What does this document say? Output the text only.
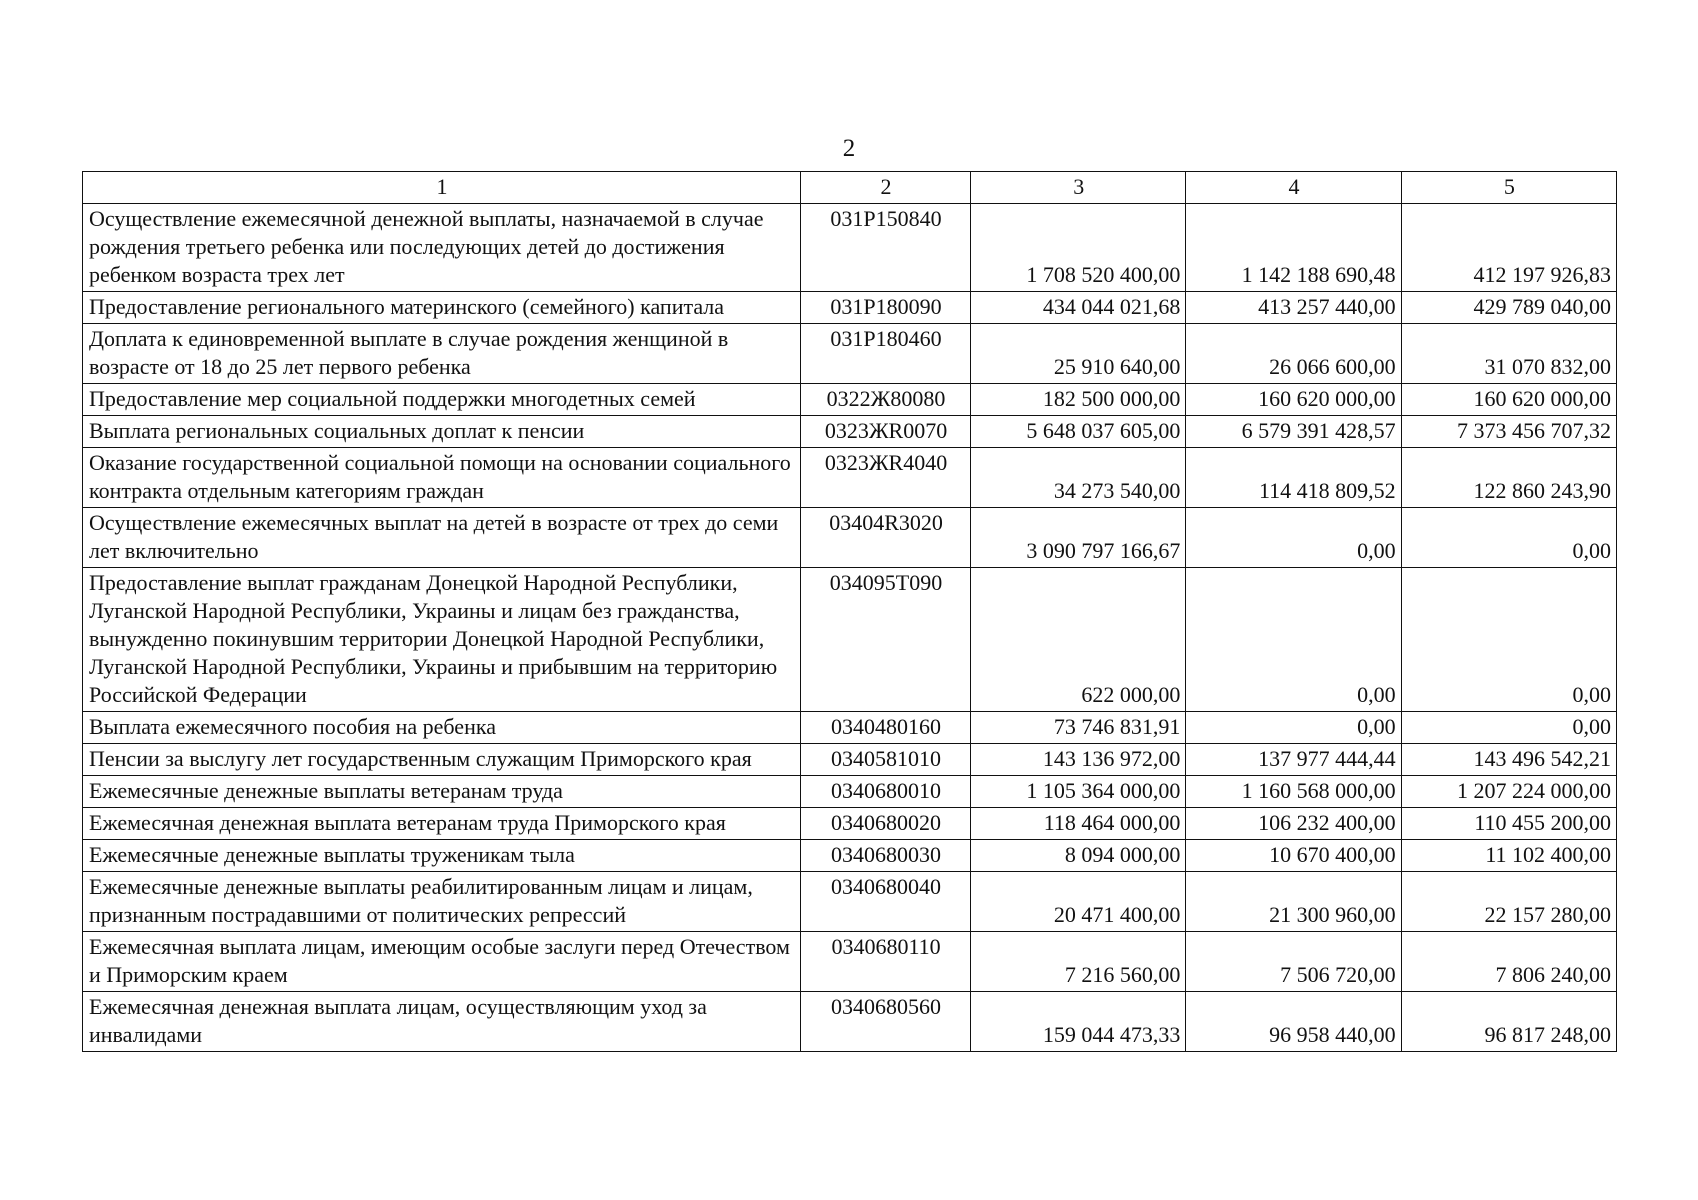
2
1	2	3	4	5
Осуществление ежемесячной денежной выплаты, назначаемой в случае рождения третьего ребенка или последующих детей до достижения ребенком возраста трех лет	031P150840	1 708 520 400,00	1 142 188 690,48	412 197 926,83
Предоставление регионального материнского (семейного) капитала	031P180090	434 044 021,68	413 257 440,00	429 789 040,00
Доплата к единовременной выплате в случае рождения женщиной в возрасте от 18 до 25 лет первого ребенка	031P180460	25 910 640,00	26 066 600,00	31 070 832,00
Предоставление мер социальной поддержки многодетных семей	0322Ж80080	182 500 000,00	160 620 000,00	160 620 000,00
Выплата региональных социальных доплат к пенсии	0323ЖR0070	5 648 037 605,00	6 579 391 428,57	7 373 456 707,32
Оказание государственной социальной помощи на основании социального контракта отдельным категориям граждан	0323ЖR4040	34 273 540,00	114 418 809,52	122 860 243,90
Осуществление ежемесячных выплат на детей в возрасте от трех до семи лет включительно	03404R3020	3 090 797 166,67	0,00	0,00
Предоставление выплат гражданам Донецкой Народной Республики, Луганской Народной Республики, Украины и лицам без гражданства, вынужденно покинувшим территории Донецкой Народной Республики, Луганской Народной Республики, Украины и прибывшим на территорию Российской Федерации	034095T090	622 000,00	0,00	0,00
Выплата ежемесячного пособия на ребенка	0340480160	73 746 831,91	0,00	0,00
Пенсии за выслугу лет государственным служащим Приморского края	0340581010	143 136 972,00	137 977 444,44	143 496 542,21
Ежемесячные денежные выплаты ветеранам труда	0340680010	1 105 364 000,00	1 160 568 000,00	1 207 224 000,00
Ежемесячная денежная выплата ветеранам труда Приморского края	0340680020	118 464 000,00	106 232 400,00	110 455 200,00
Ежемесячные денежные выплаты труженикам тыла	0340680030	8 094 000,00	10 670 400,00	11 102 400,00
Ежемесячные денежные выплаты реабилитированным лицам и лицам, признанным пострадавшими от политических репрессий	0340680040	20 471 400,00	21 300 960,00	22 157 280,00
Ежемесячная выплата лицам, имеющим особые заслуги перед Отечеством и Приморским краем	0340680110	7 216 560,00	7 506 720,00	7 806 240,00
Ежемесячная денежная выплата лицам, осуществляющим уход за инвалидами	0340680560	159 044 473,33	96 958 440,00	96 817 248,00
